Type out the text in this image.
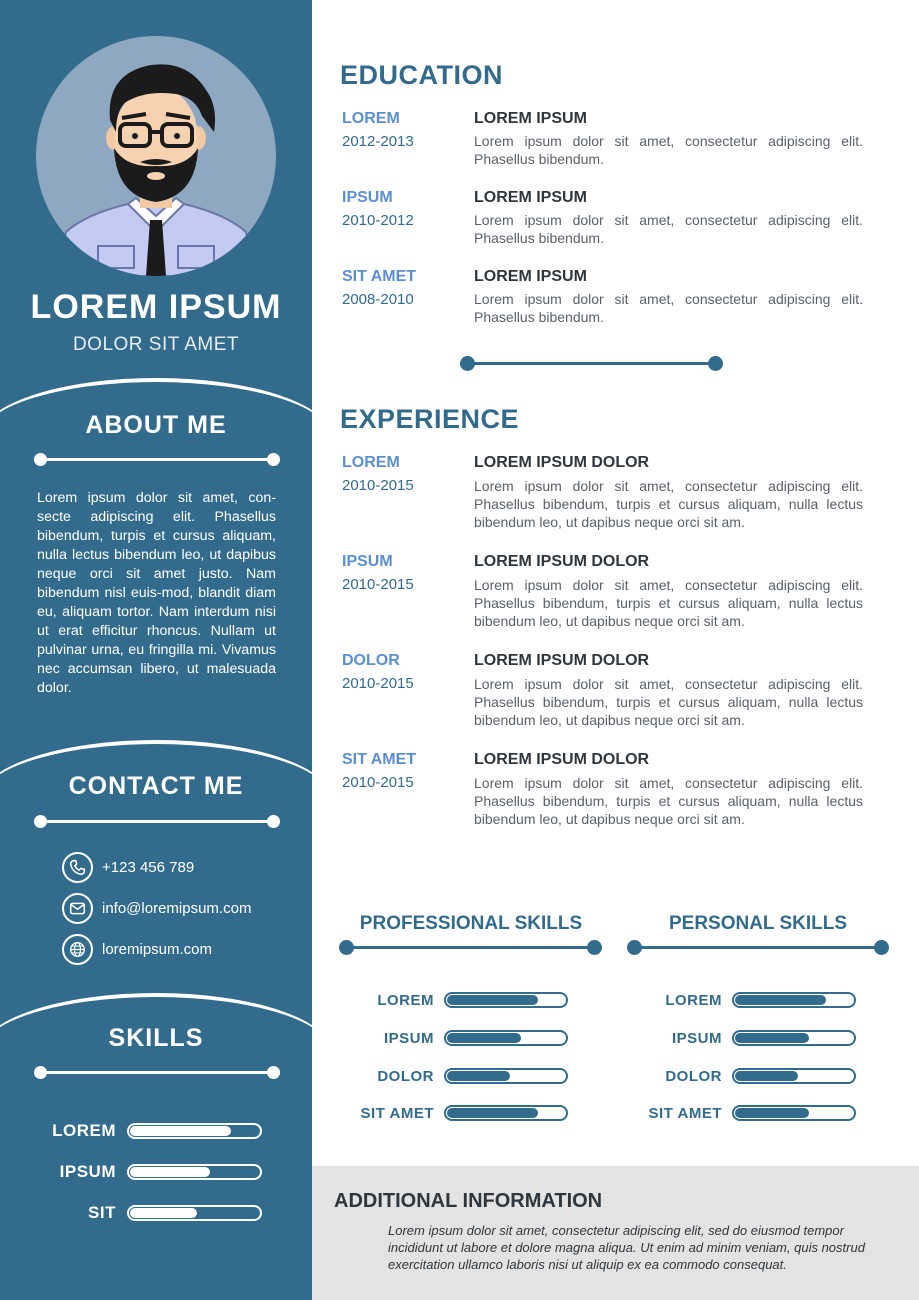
LOREM IPSUM
DOLOR SIT AMET
ABOUT ME
Lorem ipsum dolor sit amet, con-secte adipiscing elit. Phasellus bibendum, turpis et cursus aliquam, nulla lectus bibendum leo, ut dapibus neque orci sit amet justo. Nam bibendum nisl euis-mod, blandit diam eu, aliquam tortor. Nam interdum nisi ut erat efficitur rhoncus. Nullam ut pulvinar urna, eu fringilla mi. Vivamus nec accumsan libero, ut malesuada dolor.
CONTACT ME
+123 456 789
info@loremipsum.com
loremipsum.com
SKILLS
LOREM
IPSUM
SIT
EDUCATION
LOREM
2012-2013
LOREM IPSUM
Lorem ipsum dolor sit amet, consectetur adipiscing elit. Phasellus bibendum.
IPSUM
2010-2012
LOREM IPSUM
Lorem ipsum dolor sit amet, consectetur adipiscing elit. Phasellus bibendum.
SIT AMET
2008-2010
LOREM IPSUM
Lorem ipsum dolor sit amet, consectetur adipiscing elit. Phasellus bibendum.
EXPERIENCE
LOREM
2010-2015
LOREM IPSUM DOLOR
Lorem ipsum dolor sit amet, consectetur adipiscing elit. Phasellus bibendum, turpis et cursus aliquam, nulla lectus bibendum leo, ut dapibus neque orci sit am.
IPSUM
2010-2015
LOREM IPSUM DOLOR
Lorem ipsum dolor sit amet, consectetur adipiscing elit. Phasellus bibendum, turpis et cursus aliquam, nulla lectus bibendum leo, ut dapibus neque orci sit am.
DOLOR
2010-2015
LOREM IPSUM DOLOR
Lorem ipsum dolor sit amet, consectetur adipiscing elit. Phasellus bibendum, turpis et cursus aliquam, nulla lectus bibendum leo, ut dapibus neque orci sit am.
SIT AMET
2010-2015
LOREM IPSUM DOLOR
Lorem ipsum dolor sit amet, consectetur adipiscing elit. Phasellus bibendum, turpis et cursus aliquam, nulla lectus bibendum leo, ut dapibus neque orci sit am.
PROFESSIONAL SKILLS	PERSONAL SKILLS
LOREM
IPSUM
DOLOR
SIT AMET
LOREM
IPSUM
DOLOR
SIT AMET
ADDITIONAL INFORMATION
Lorem ipsum dolor sit amet, consectetur adipiscing elit, sed do eiusmod tempor incididunt ut labore et dolore magna aliqua. Ut enim ad minim veniam, quis nostrud exercitation ullamco laboris nisi ut aliquip ex ea commodo consequat.
